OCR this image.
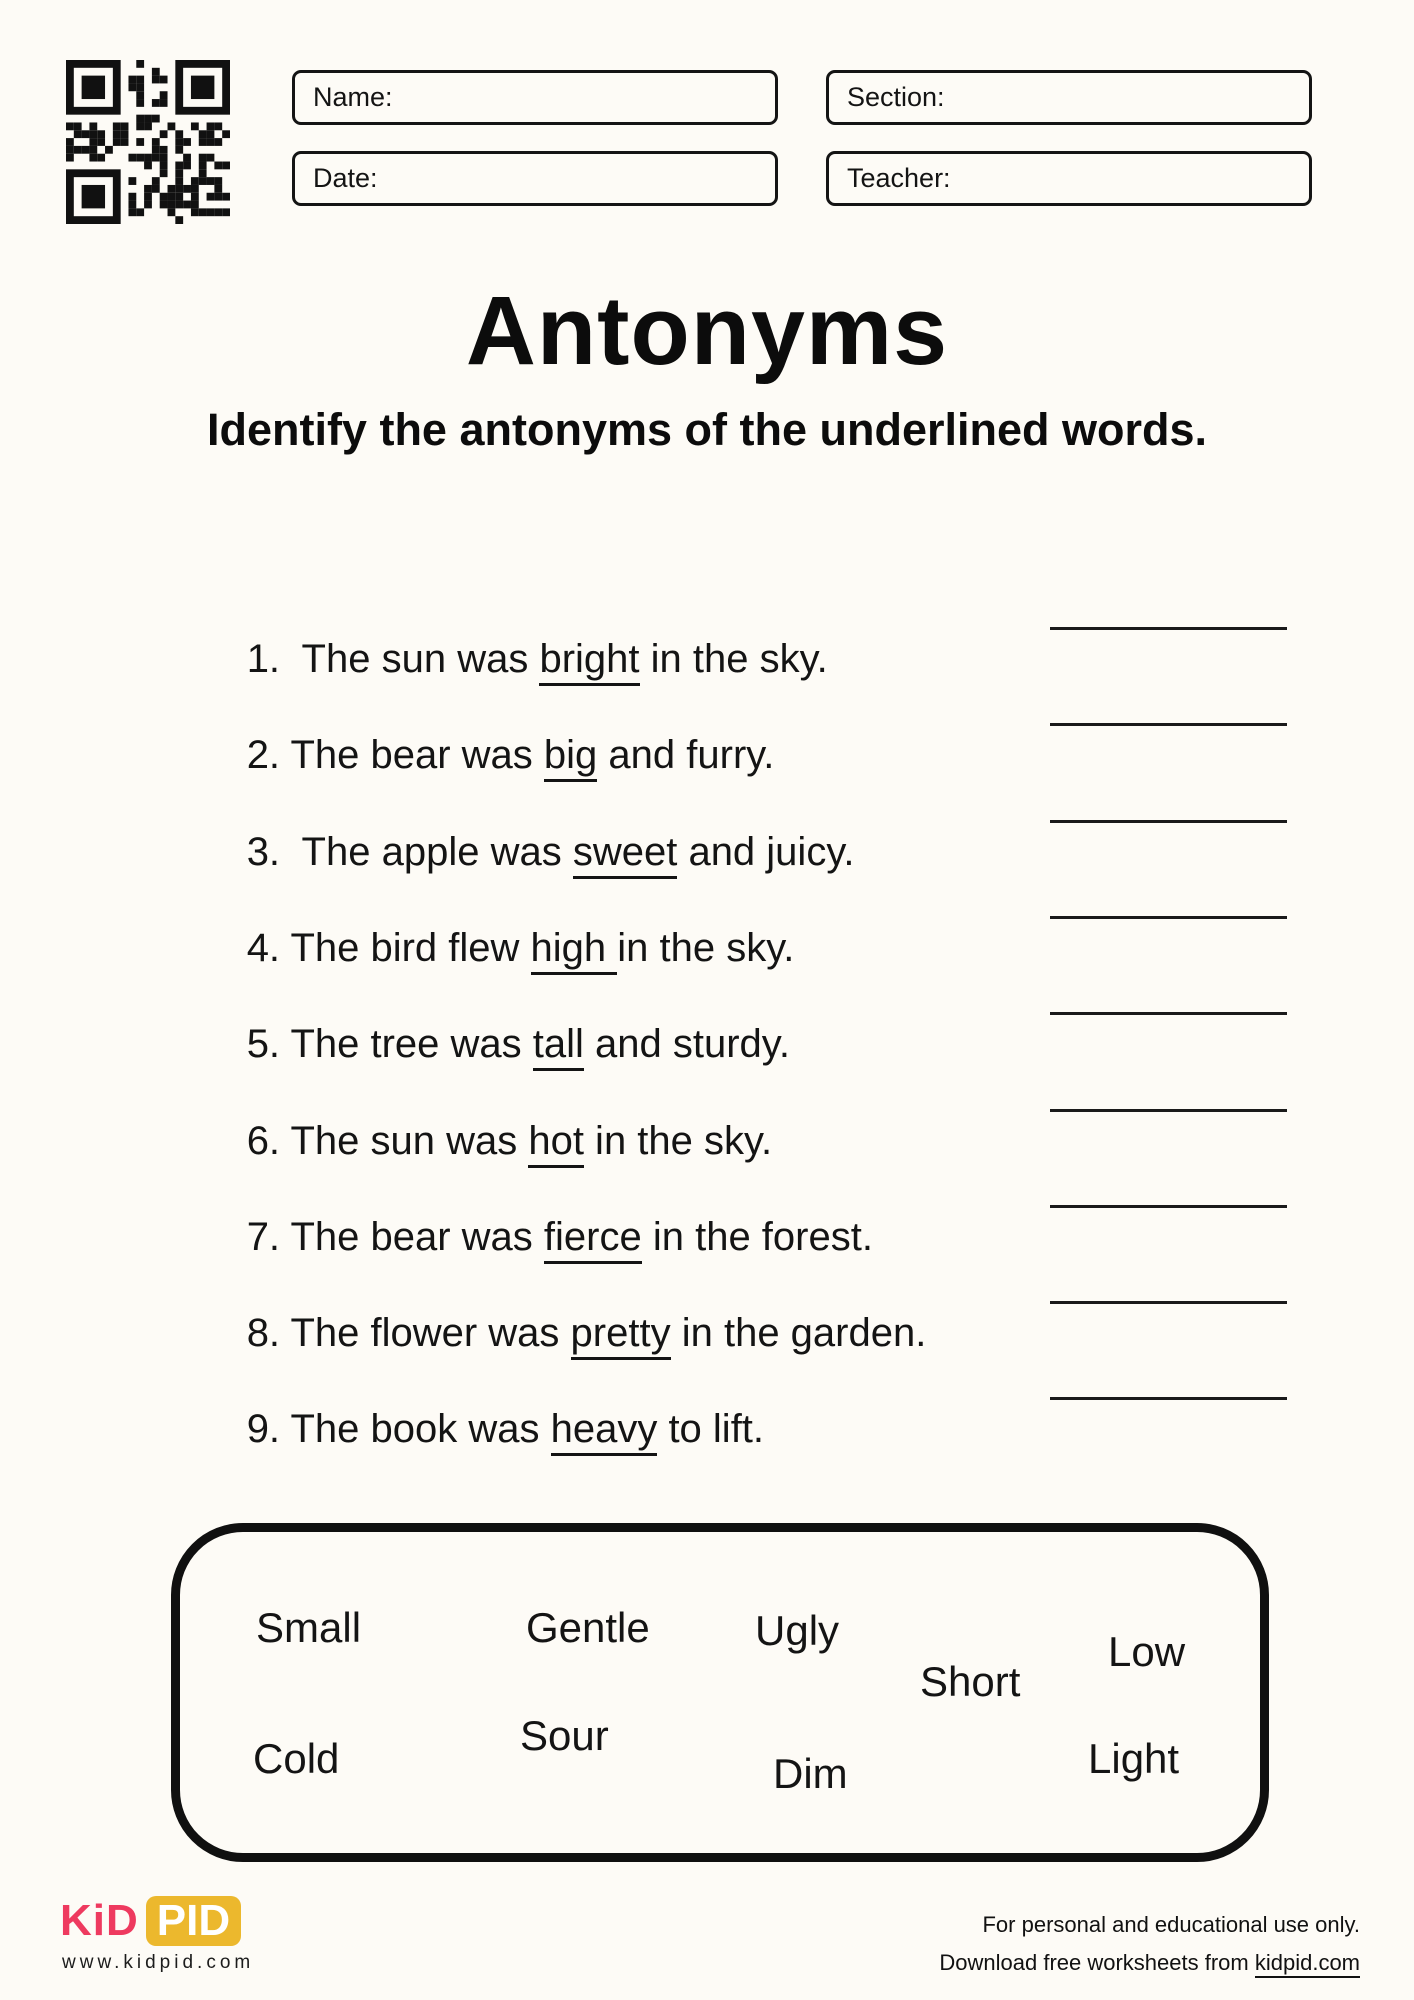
Name:	Section:
Date:	Teacher:
Antonyms
Identify the antonyms of the underlined words.

1.  The sun was bright in the sky.

2. The bear was big and furry.

3.  The apple was sweet and juicy.

4. The bird flew high in the sky.

5. The tree was tall and sturdy.

6. The sun was hot in the sky.

7. The bear was fierce in the forest.

8. The flower was pretty in the garden.

9. The book was heavy to lift.

Small	Gentle	Ugly
Short
Low
Cold	Sour
Dim	Light
KiD PID
www.kidpid.com
For personal and educational use only.
Download free worksheets from kidpid.com
